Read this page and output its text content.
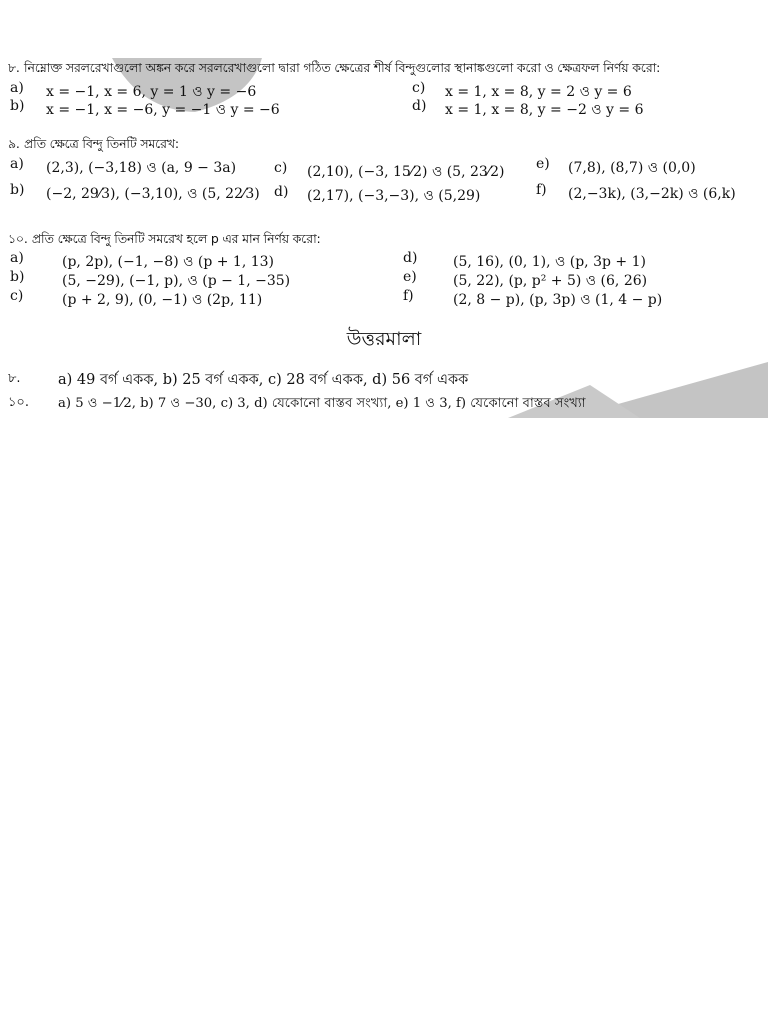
৮. নিম্নোক্ত সরলরেখাগুলো অঙ্কন করে সরলরেখাগুলো দ্বারা গঠিত ক্ষেত্রের শীর্ষ বিন্দুগুলোর স্থানাঙ্কগুলো করো ও ক্ষেত্রফল নির্ণয় করো:
a) x = −1, x = 6, y = 1 ও y = −6
b) x = −1, x = −6, y = −1 ও y = −6
c) x = 1, x = 8, y = 2 ও y = 6
d) x = 1, x = 8, y = −2 ও y = 6
৯. প্রতি ক্ষেত্রে বিন্দু তিনটি সমরেখ:
a) (2,3), (−3,18) ও (a, 9 − 3a)
b) (−2, 29⁄3), (−3,10), ও (5, 22⁄3)
c) (2,10), (−3, 15⁄2) ও (5, 23⁄2)
d) (2,17), (−3,−3), ও (5,29)
e) (7,8), (8,7) ও (0,0)
f) (2,−3k), (3,−2k) ও (6,k)
১০. প্রতি ক্ষেত্রে বিন্দু তিনটি সমরেখ হলে p এর মান নির্ণয় করো:
a)	(p, 2p), (−1, −8) ও (p + 1, 13)
b)	(5, −29), (−1, p), ও (p − 1, −35)
c)	(p + 2, 9), (0, −1) ও (2p, 11)
d)	(5, 16), (0, 1), ও (p, 3p + 1)
e)	(5, 22), (p, p² + 5) ও (6, 26)
f)	(2, 8 − p), (p, 3p) ও (1, 4 − p)
উত্তরমালা
৮.	a) 49 বর্গ একক, b) 25 বর্গ একক, c) 28 বর্গ একক, d) 56 বর্গ একক
১০. a) 5 ও −1⁄2, b) 7 ও −30, c) 3, d) যেকোনো বাস্তব সংখ্যা, e) 1 ও 3, f) যেকোনো বাস্তব সংখ্যা
